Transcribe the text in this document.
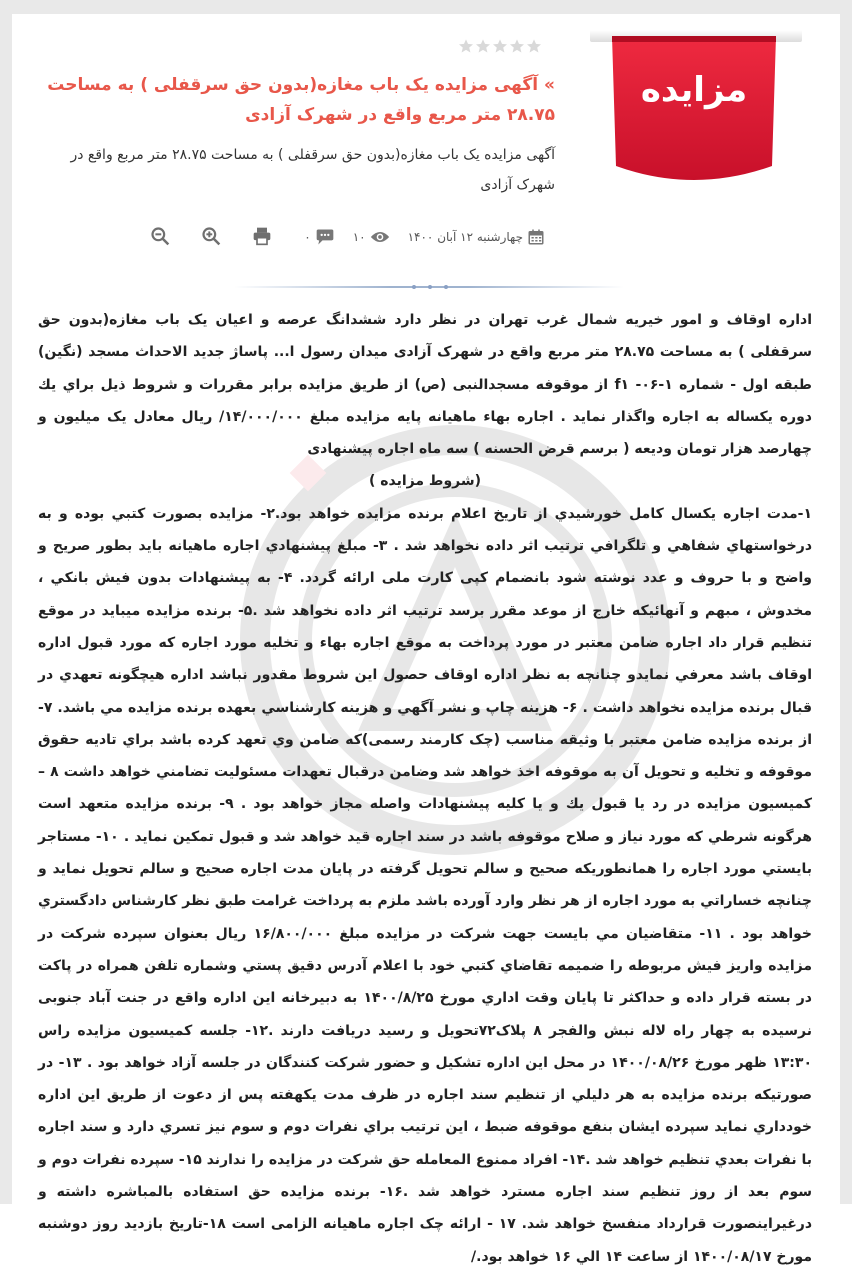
مزایده
» آگهی مزایده یک باب مغازه(بدون حق سرقفلی ) به مساحت ۲۸.۷۵ متر مربع واقع در شهرک آزادی
آگهی مزایده یک باب مغازه(بدون حق سرقفلی ) به مساحت ۲۸.۷۵ متر مربع واقع در شهرک آزادی
چهارشنبه ۱۲ آبان ۱۴۰۰
۱۰
۰

اداره اوقاف و امور خیریه شمال غرب تهران در نظر دارد ششدانگ عرصه و اعیان یک باب مغازه(بدون حق سرقفلی ) به مساحت ۲۸.۷۵ متر مربع واقع در شهرک آزادی میدان رسول ا... پاساژ جدید الاحداث مسجد (نگین) طبقه اول - شماره ۱-۰۶- f۱ از موقوفه مسجدالنبی (ص) از طریق مزایده برابر مقررات و شروط ذيل براي يك دوره يكساله به اجاره واگذار نمايد . اجاره بهاء ماهیانه پایه مزایده مبلغ ۱۴/۰۰۰/۰۰۰/ ریال معادل یک میلیون و چهارصد هزار تومان ودیعه ( برسم قرض الحسنه ) سه ماه اجاره پیشنهادی

(شروط مزایده )

۱-مدت اجاره يكسال كامل خورشيدي از تاريخ اعلام برنده مزايده خواهد بود.۲- مزايده بصورت كتبي بوده و به درخواستهاي شفاهي و تلگرافي ترتيب اثر داده نخواهد شد . ۳- مبلغ پيشنهادي اجاره ماهيانه بايد بطور صريح و واضح و با حروف و عدد نوشته شود بانضمام کپی کارت ملی ارائه گردد. ۴- به پيشنهادات بدون فیش بانكي ، مخدوش ، مبهم و آنهائيكه خارج از موعد مقرر برسد ترتيب اثر داده نخواهد شد .۵- برنده مزايده ميبايد در موقع تنظيم قرار داد اجاره ضامن معتبر در مورد پرداخت به موقع اجاره بهاء و تخليه مورد اجاره كه مورد قبول اداره اوقاف باشد معرفي نمايدو چنانچه به نظر اداره اوقاف حصول اين شروط مقدور نباشد اداره هيچگونه تعهدي در قبال برنده مزايده نخواهد داشت . ۶- هزينه چاپ و نشر آگهي و هزينه كارشناسي بعهده برنده مزايده مي باشد. ۷- از برنده مزايده ضامن معتبر با وثيقه مناسب (چک کارمند رسمی)که ضامن وي تعهد كرده باشد براي تاديه حقوق موقوفه و تخليه و تحويل آن به موقوفه اخذ خواهد شد وضامن درقبال تعهدات مسئوليت تضامني خواهد داشت ۸ – كميسيون مزايده در رد يا قبول يك و يا كليه پيشنهادات واصله مجاز خواهد بود . ۹- برنده مزايده متعهد است هرگونه شرطي كه مورد نياز و صلاح موقوفه باشد در سند اجاره قيد خواهد شد و قبول تمكين نمايد . ۱۰- مستاجر بايستي مورد اجاره را همانطوريكه صحيح و سالم تحويل گرفته در پايان مدت اجاره صحيح و سالم تحويل نمايد و چنانچه خساراتي به مورد اجاره از هر نظر وارد آورده باشد ملزم به پرداخت غرامت طبق نظر كارشناس دادگستري خواهد بود . ۱۱- متقاضيان مي بايست جهت شركت در مزايده مبلغ ۱۶/۸۰۰/۰۰۰ ريال بعنوان سپرده شركت در مزايده واريز فيش مربوطه را ضميمه تقاضاي كتبي خود با اعلام آدرس دقيق پستي وشماره تلفن همراه در پاكت در بسته قرار داده و حداكثر تا پايان وقت اداري مورخ ۱۴۰۰/۸/۲۵ به دبيرخانه اين اداره واقع در جنت آباد جنوبی نرسيده به چهار راه لاله نبش والفجر ۸ پلاک۷۲تحويل و رسيد دريافت دارند .۱۲- جلسه كميسيون مزايده راس ۱۳:۳۰ ظهر مورخ ۱۴۰۰/۰۸/۲۶ در محل اين اداره تشكيل و حضور شركت كنندگان در جلسه آزاد خواهد بود . ۱۳- در صورتيكه برنده مزايده به هر دليلي از تنظيم سند اجاره در ظرف مدت يكهفته پس از دعوت از طريق اين اداره خودداري نمايد سپرده ايشان بنفع موقوفه ضبط ، اين ترتيب براي نفرات دوم و سوم نيز تسري دارد و سند اجاره با نفرات بعدي تنظيم خواهد شد .۱۴- افراد ممنوع المعامله حق شركت در مزايده را ندارند ۱۵- سپرده نفرات دوم و سوم بعد از روز تنظيم سند اجاره مسترد خواهد شد .۱۶- برنده مزایده حق استفاده بالمباشره داشته و درغیراینصورت قرارداد منفسخ خواهد شد. ۱۷ - ارائه چک اجاره ماهیانه الزامی است ۱۸-تاریخ بازدید روز دوشنبه مورخ ۱۴۰۰/۰۸/۱۷ از ساعت ۱۴ الي ۱۶ خواهد بود./
